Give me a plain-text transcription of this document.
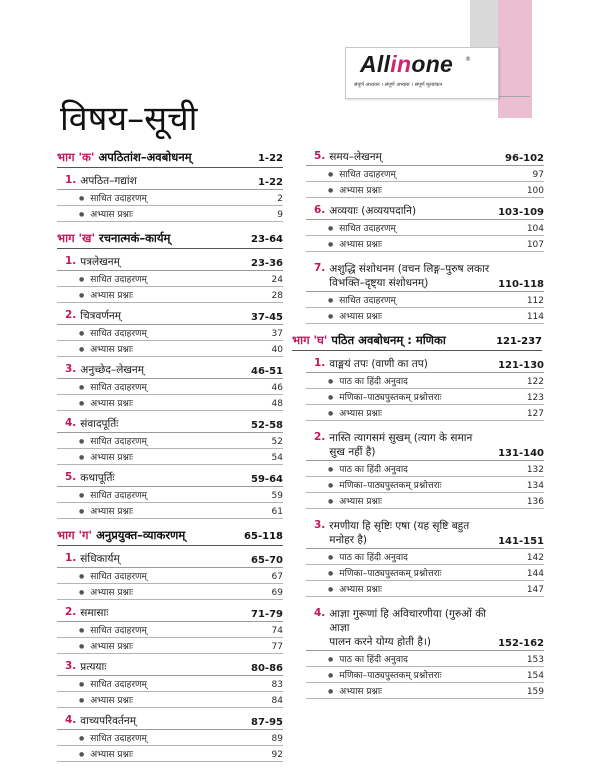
Allinone ®
संपूर्ण अध्ययन । संपूर्ण अभ्यास । संपूर्ण मूल्यांकन
विषय–सूची
भाग 'क' अपठितांश–अवबोधनम्	1-22
1. अपठित–गद्यांश	1-22
● साधित उदाहरणम्	2
● अभ्यास प्रश्नाः	9
भाग 'ख' रचनात्मकं–कार्यम्	23-64
1. पत्रलेखनम्	23-36
● साधित उदाहरणम्	24
● अभ्यास प्रश्नाः	28
2. चित्रवर्णनम्	37-45
● साधित उदाहरणम्	37
● अभ्यास प्रश्नाः	40
3. अनुच्छेद–लेखनम्	46-51
● साधित उदाहरणम्	46
● अभ्यास प्रश्नाः	48
4. संवादपूर्तिः	52-58
● साधित उदाहरणम्	52
● अभ्यास प्रश्नाः	54
5. कथापूर्तिः	59-64
● साधित उदाहरणम्	59
● अभ्यास प्रश्नाः	61
भाग 'ग' अनुप्रयुक्त–व्याकरणम्	65-118
1. संधिकार्यम्	65-70
● साधित उदाहरणम्	67
● अभ्यास प्रश्नाः	69
2. समासाः	71-79
● साधित उदाहरणम्	74
● अभ्यास प्रश्नाः	77
3. प्रत्ययाः	80-86
● साधित उदाहरणम्	83
● अभ्यास प्रश्नाः	84
4. वाच्यपरिवर्तनम्	87-95
● साधित उदाहरणम्	89
● अभ्यास प्रश्नाः	92
5. समय–लेखनम्	96-102
● साधित उदाहरणम्	97
● अभ्यास प्रश्नाः	100
6. अव्ययाः (अव्ययपदानि)	103-109
● साधित उदाहरणम्	104
● अभ्यास प्रश्नाः	107
7. अशुद्धि संशोधनम (वचन लिङ्ग–पुरुष लकार
विभक्ति–दृष्ट्या संशोधनम्)	110-118
● साधित उदाहरणम्	112
● अभ्यास प्रश्नाः	114
भाग 'घ' पठित अवबोधनम् : मणिका	121-237
1. वाङ्मयं तपः (वाणी का तप)	121-130
● पाठ का हिंदी अनुवाद	122
● मणिका–पाठ्यपुस्तकम् प्रश्नोत्तराः	123
● अभ्यास प्रश्नाः	127
2. नास्ति त्यागसमं सुखम् (त्याग के समान
सुख नहीं है)	131-140
● पाठ का हिंदी अनुवाद	132
● मणिका–पाठ्यपुस्तकम् प्रश्नोत्तराः	134
● अभ्यास प्रश्नाः	136
3. रमणीया हि सृष्टिः एषा (यह सृष्टि बहुत
मनोहर है)	141-151
● पाठ का हिंदी अनुवाद	142
● मणिका–पाठ्यपुस्तकम् प्रश्नोत्तराः	144
● अभ्यास प्रश्नाः	147
4. आज्ञा गुरूणां हि अविचारणीया (गुरुओं की आज्ञा
पालन करने योग्य होती है।)	152-162
● पाठ का हिंदी अनुवाद	153
● मणिका–पाठ्यपुस्तकम् प्रश्नोत्तराः	154
● अभ्यास प्रश्नाः	159
